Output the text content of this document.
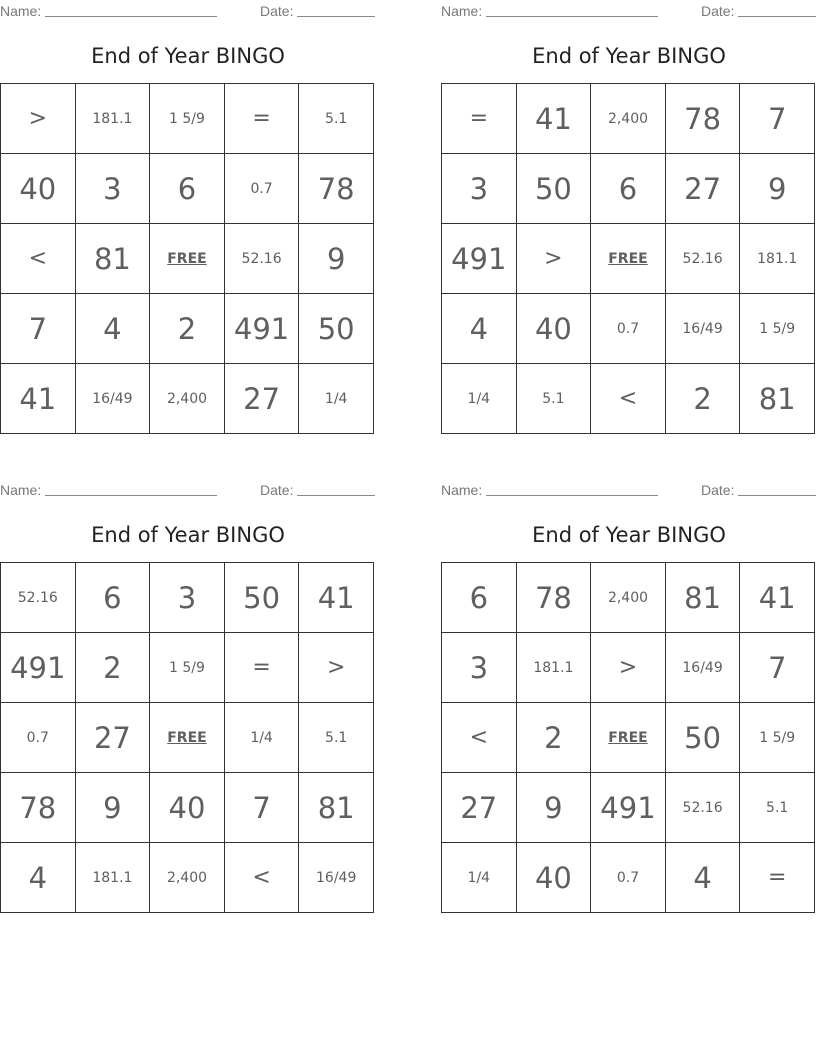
Name:	Date:
End of Year BINGO
>	181.1	1 5/9	=	5.1
40	3	6	0.7	78
<	81	FREE	52.16	9
7	4	2	491	50
41	16/49	2,400	27	1/4
Name:	Date:
End of Year BINGO
=	41	2,400	78	7
3	50	6	27	9
491	>	FREE	52.16	181.1
4	40	0.7	16/49	1 5/9
1/4	5.1	<	2	81
Name:	Date:
End of Year BINGO
52.16	6	3	50	41
491	2	1 5/9	=	>
0.7	27	FREE	1/4	5.1
78	9	40	7	81
4	181.1	2,400	<	16/49
Name:	Date:
End of Year BINGO
6	78	2,400	81	41
3	181.1	>	16/49	7
<	2	FREE	50	1 5/9
27	9	491	52.16	5.1
1/4	40	0.7	4	=
